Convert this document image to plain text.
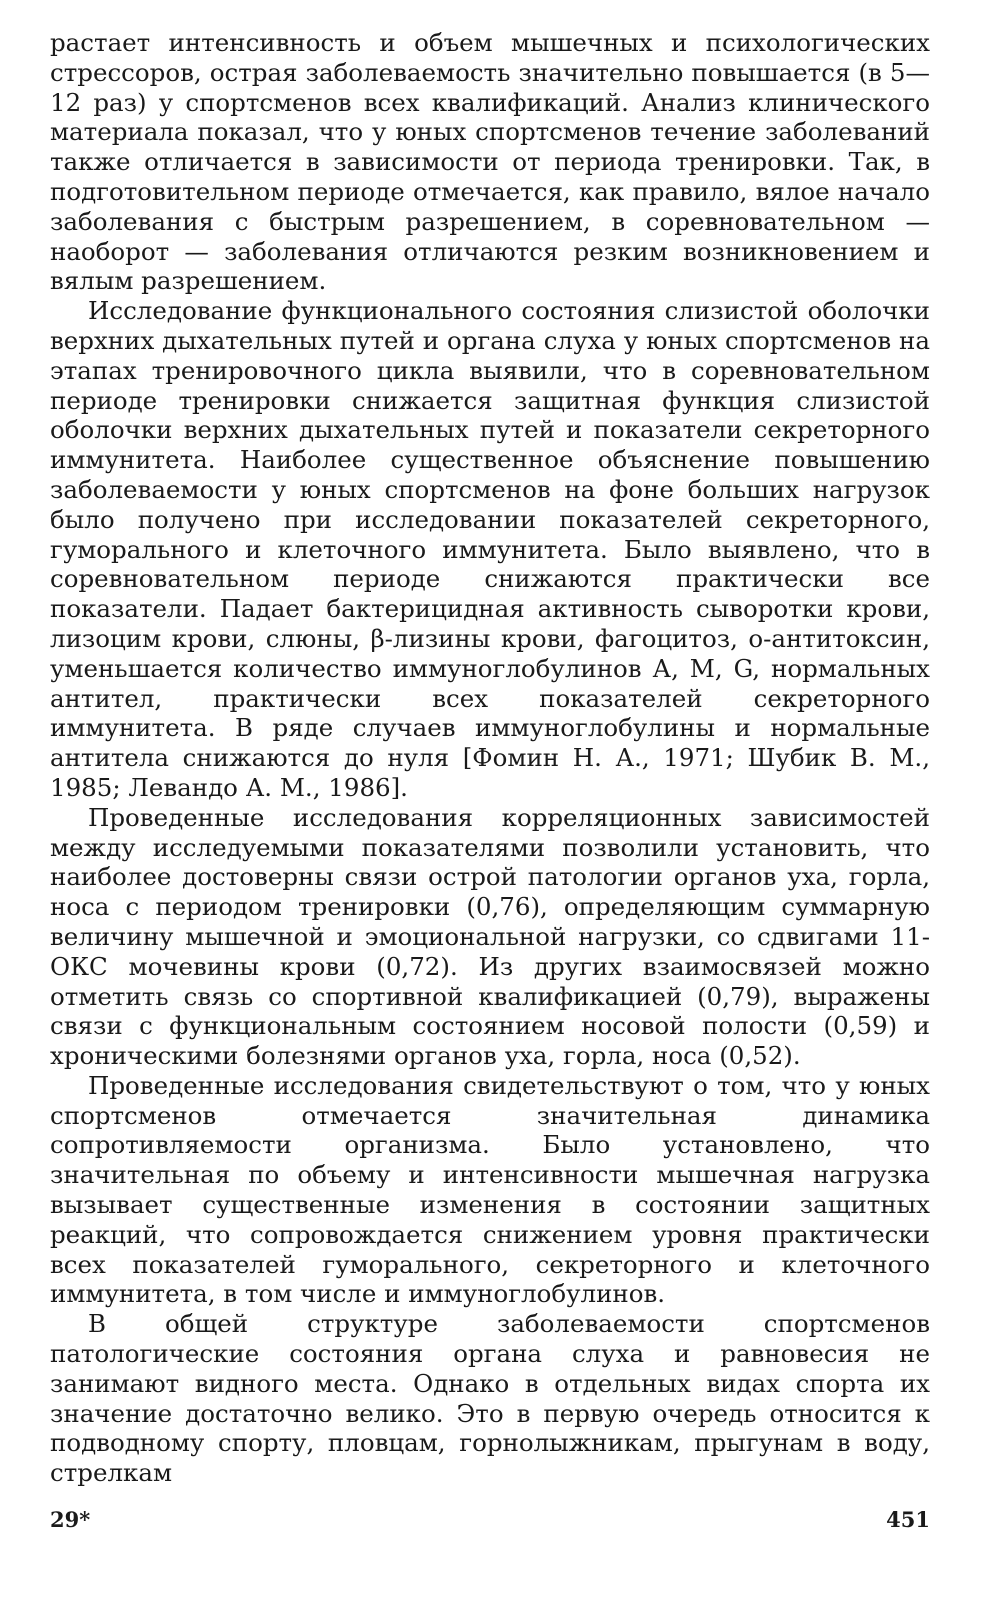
растает интенсивность и объем мышечных и психологических стрессоров, острая заболеваемость значительно повышается (в 5—12 раз) у спортсменов всех квалификаций. Анализ клинического материала показал, что у юных спортсменов течение заболеваний также отличается в зависимости от периода тренировки. Так, в подготовительном периоде отмечается, как правило, вялое начало заболевания с быстрым разрешением, в соревновательном — наоборот — заболевания отличаются резким возникновением и вялым разрешением.

Исследование функционального состояния слизистой оболочки верхних дыхательных путей и органа слуха у юных спортсменов на этапах тренировочного цикла выявили, что в соревновательном периоде тренировки снижается защитная функция слизистой оболочки верхних дыхательных путей и показатели секреторного иммунитета. Наиболее существенное объяснение повышению заболеваемости у юных спортсменов на фоне больших нагрузок было получено при исследовании показателей секреторного, гуморального и клеточного иммунитета. Было выявлено, что в соревновательном периоде снижаются практически все показатели. Падает бактерицидная активность сыворотки крови, лизоцим крови, слюны, β-лизины крови, фагоцитоз, о-антитоксин, уменьшается количество иммуноглобулинов А, М, G, нормальных антител, практически всех показателей секреторного иммунитета. В ряде случаев иммуноглобулины и нормальные антитела снижаются до нуля [Фомин Н. А., 1971; Шубик В. М., 1985; Левандо А. М., 1986].

Проведенные исследования корреляционных зависимостей между исследуемыми показателями позволили установить, что наиболее достоверны связи острой патологии органов уха, горла, носа с периодом тренировки (0,76), определяющим суммарную величину мышечной и эмоциональной нагрузки, со сдвигами 11-ОКС мочевины крови (0,72). Из других взаимосвязей можно отметить связь со спортивной квалификацией (0,79), выражены связи с функциональным состоянием носовой полости (0,59) и хроническими болезнями органов уха, горла, носа (0,52).

Проведенные исследования свидетельствуют о том, что у юных спортсменов отмечается значительная динамика сопротивляемости организма. Было установлено, что значительная по объему и интенсивности мышечная нагрузка вызывает существенные изменения в состоянии защитных реакций, что сопровождается снижением уровня практически всех показателей гуморального, секреторного и клеточного иммунитета, в том числе и иммуноглобулинов.

В общей структуре заболеваемости спортсменов патологические состояния органа слуха и равновесия не занимают видного места. Однако в отдельных видах спорта их значение достаточно велико. Это в первую очередь относится к подводному спорту, пловцам, горнолыжникам, прыгунам в воду, стрелкам

29*	451
